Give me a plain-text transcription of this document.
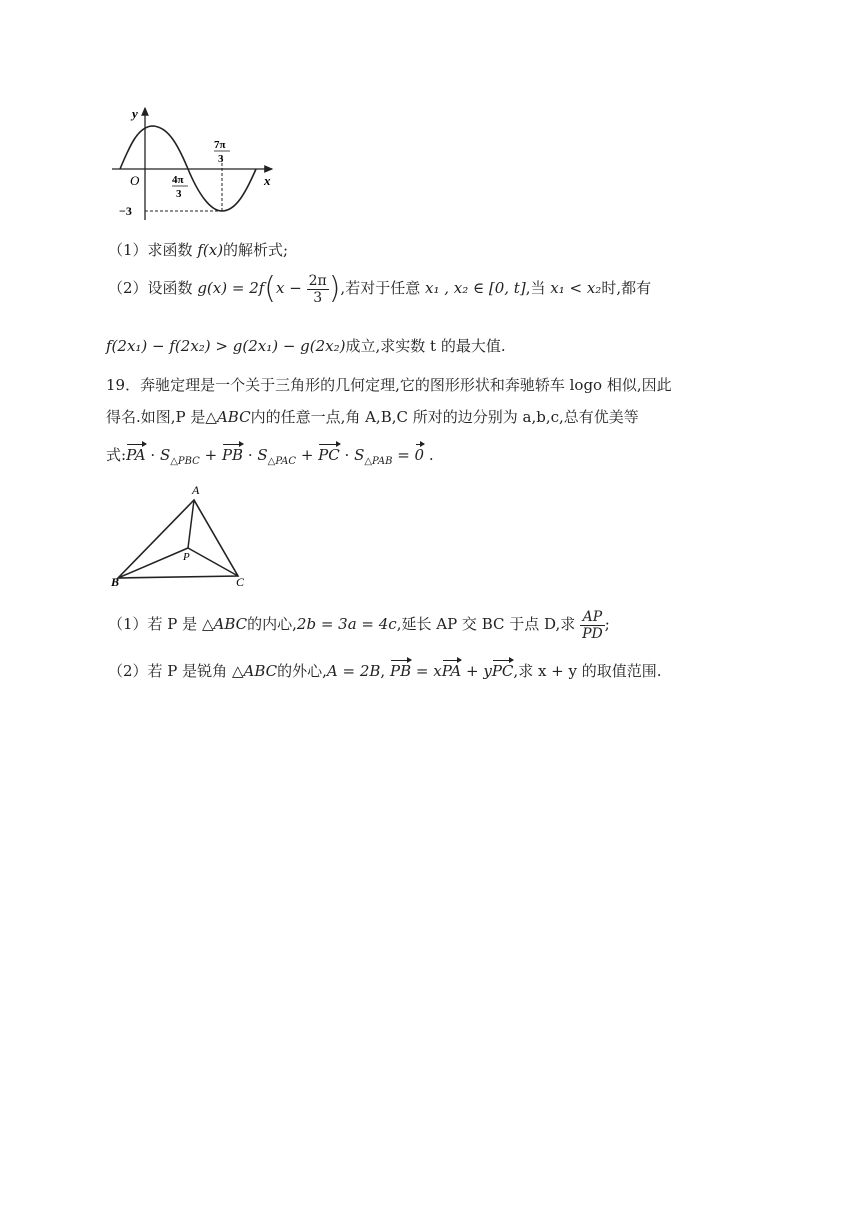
y
x
O	4π
3
7π
3
−3
（1）求函数 f(x)的解析式;
（2）设函数 $g(x) = 2f(x - \frac{2\pi}{3}$ ),若对于任意 x₁ , x₂ ∈ [0, t],当 x₁ < x₂时,都有
f(2x₁) − f(2x₂) > g(2x₁) − g(2x₂)成立,求实数 t 的最大值.
19．奔驰定理是一个关于三角形的几何定理,它的图形形状和奔驰轿车 logo 相似,因此
得名.如图,P 是△ABC内的任意一点,角 A,B,C 所对的边分别为 a,b,c,总有优美等
式:PA · $S_{\triangle PBC}$ + PB · $S_{\triangle PAC}$ + PC · $S_{\triangle PAB} = 0$ .
A
B	C
P
（1）若 P 是 △ABC的内心,2b = 3a = 4c,延长 AP 交 BC 于点 D,求 $\frac{AP}{PD}$ ;
（2）若 P 是锐角 △ABC的外心,A = 2B, PB = xPA + yPC,求 x + y 的取值范围.
